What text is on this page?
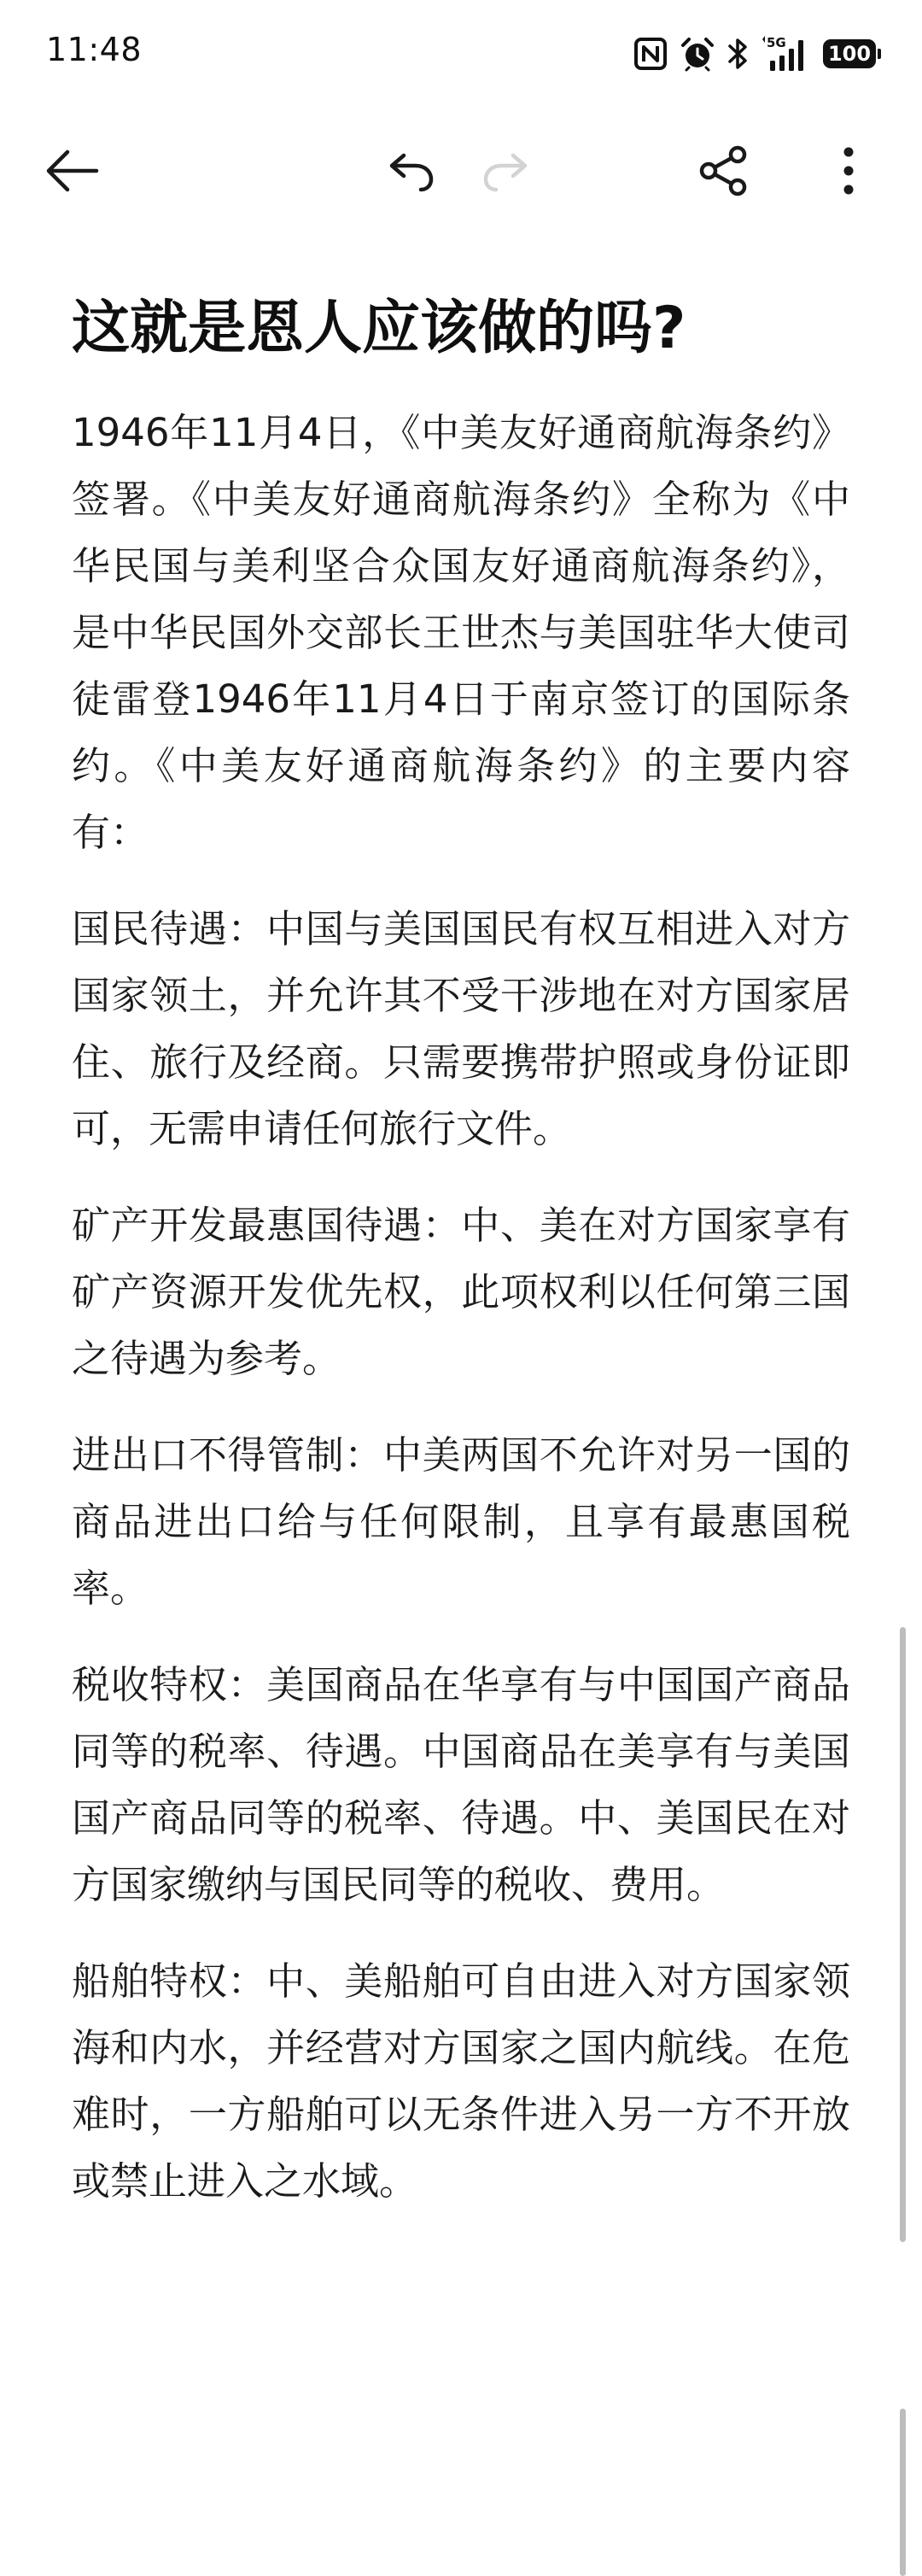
11:48	5G 100
这就是恩人应该做的吗?

1946年11月4日，《中美友好通商航海条约》签署。《中美友好通商航海条约》全称为《中华民国与美利坚合众国友好通商航海条约》，是中华民国外交部长王世杰与美国驻华大使司徒雷登1946年11月4日于南京签订的国际条约。《中美友好通商航海条约》的主要内容有：

国民待遇：中国与美国国民有权互相进入对方国家领土，并允许其不受干涉地在对方国家居住、旅行及经商。只需要携带护照或身份证即可，无需申请任何旅行文件。

矿产开发最惠国待遇：中、美在对方国家享有矿产资源开发优先权，此项权利以任何第三国之待遇为参考。

进出口不得管制：中美两国不允许对另一国的商品进出口给与任何限制，且享有最惠国税率。

税收特权：美国商品在华享有与中国国产商品同等的税率、待遇。中国商品在美享有与美国国产商品同等的税率、待遇。中、美国民在对方国家缴纳与国民同等的税收、费用。

船舶特权：中、美船舶可自由进入对方国家领海和内水，并经营对方国家之国内航线。在危难时，一方船舶可以无条件进入另一方不开放或禁止进入之水域。
